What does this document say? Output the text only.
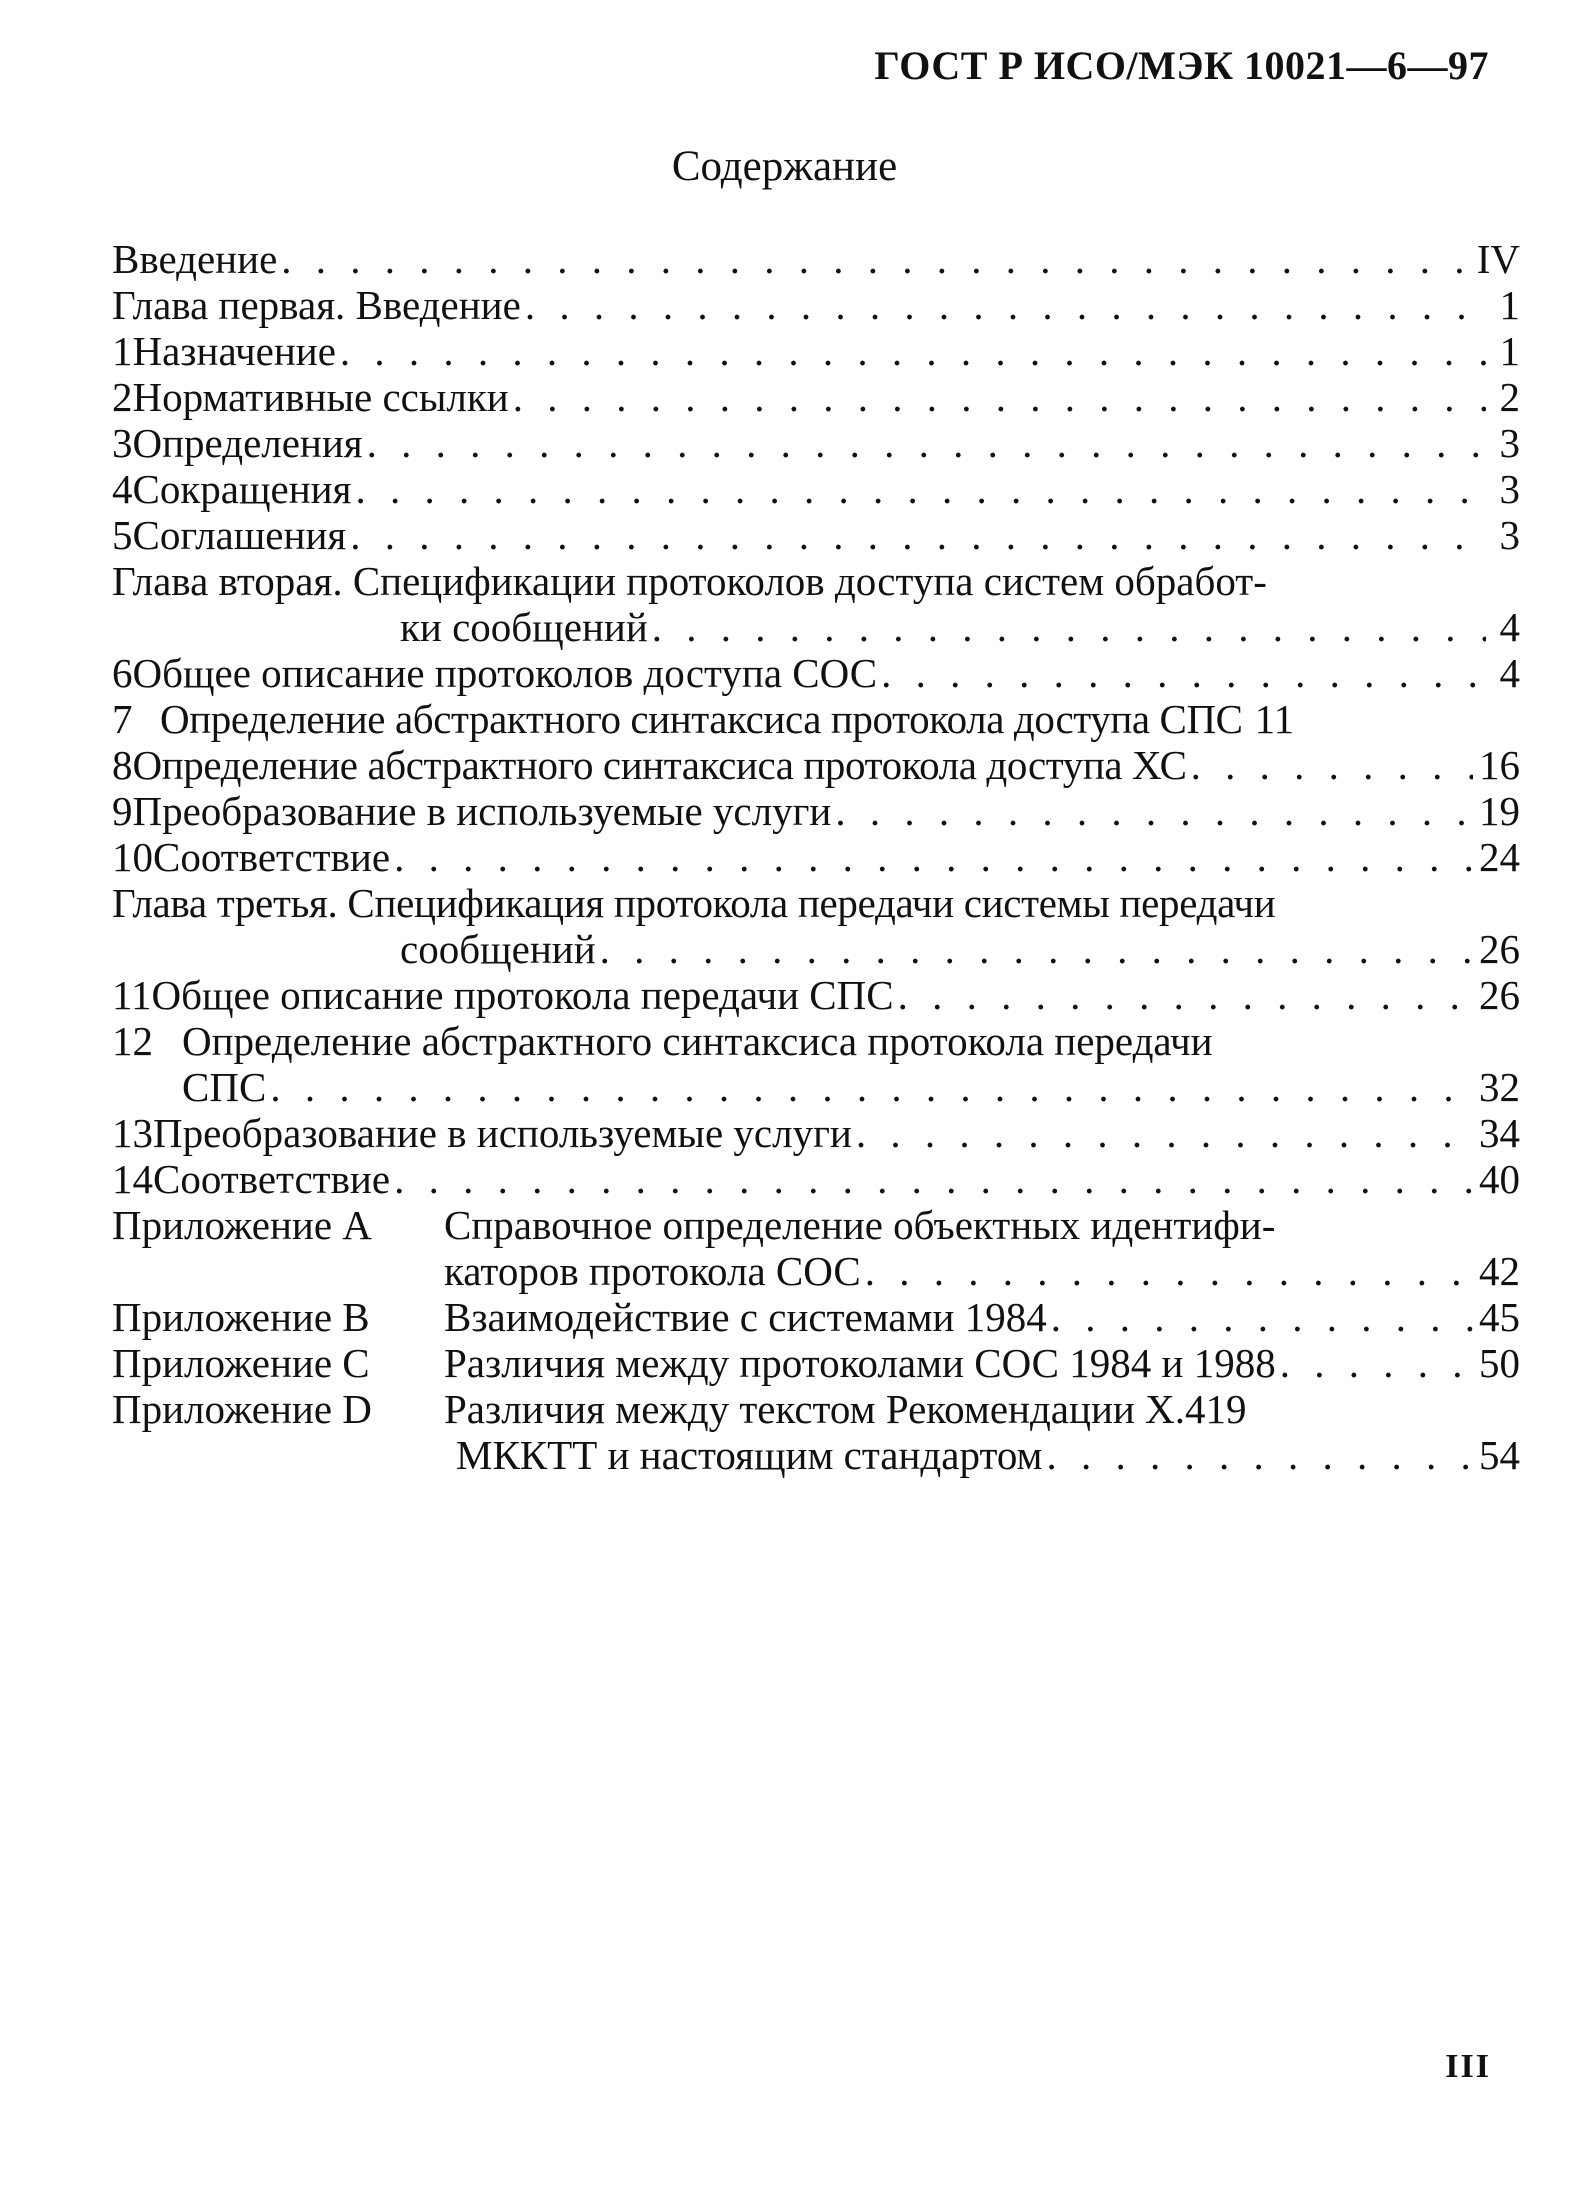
ГОСТ Р ИСО/МЭК 10021—6—97
Содержание
Введение . . .	IV
Глава первая. Введение . . .	1
1 Назначение . . .	1
2 Нормативные ссылки . . .	2
3 Определения . . .	3
4 Сокращения . . .	3
5 Соглашения . . .	3
Глава вторая. Спецификации протоколов доступа систем обработ-
ки сообщений . . .	4
6 Общее описание протоколов доступа СОС . . .	4
7 Определение абстрактного синтаксиса протокола доступа СПС 11
8 Определение абстрактного синтаксиса протокола доступа ХС . . .	16
9 Преобразование в используемые услуги . . .	19
10 Соответствие . . .	24
Глава третья. Спецификация протокола передачи системы передачи
сообщений . . .	26
11 Общее описание протокола передачи СПС . . .	26
12 Определение абстрактного синтаксиса протокола передачи
СПС . . .	32
13 Преобразование в используемые услуги . . .	34
14 Соответствие . . .	40
Приложение А	Справочное определение объектных идентифи-
каторов протокола СОС . . .	42
Приложение В	Взаимодействие с системами 1984 . . .	45
Приложение С	Различия между протоколами СОС 1984 и 1988 . . .	50
Приложение D	Различия между текстом Рекомендации X.419
МККТТ и настоящим стандартом . . .	54
III
